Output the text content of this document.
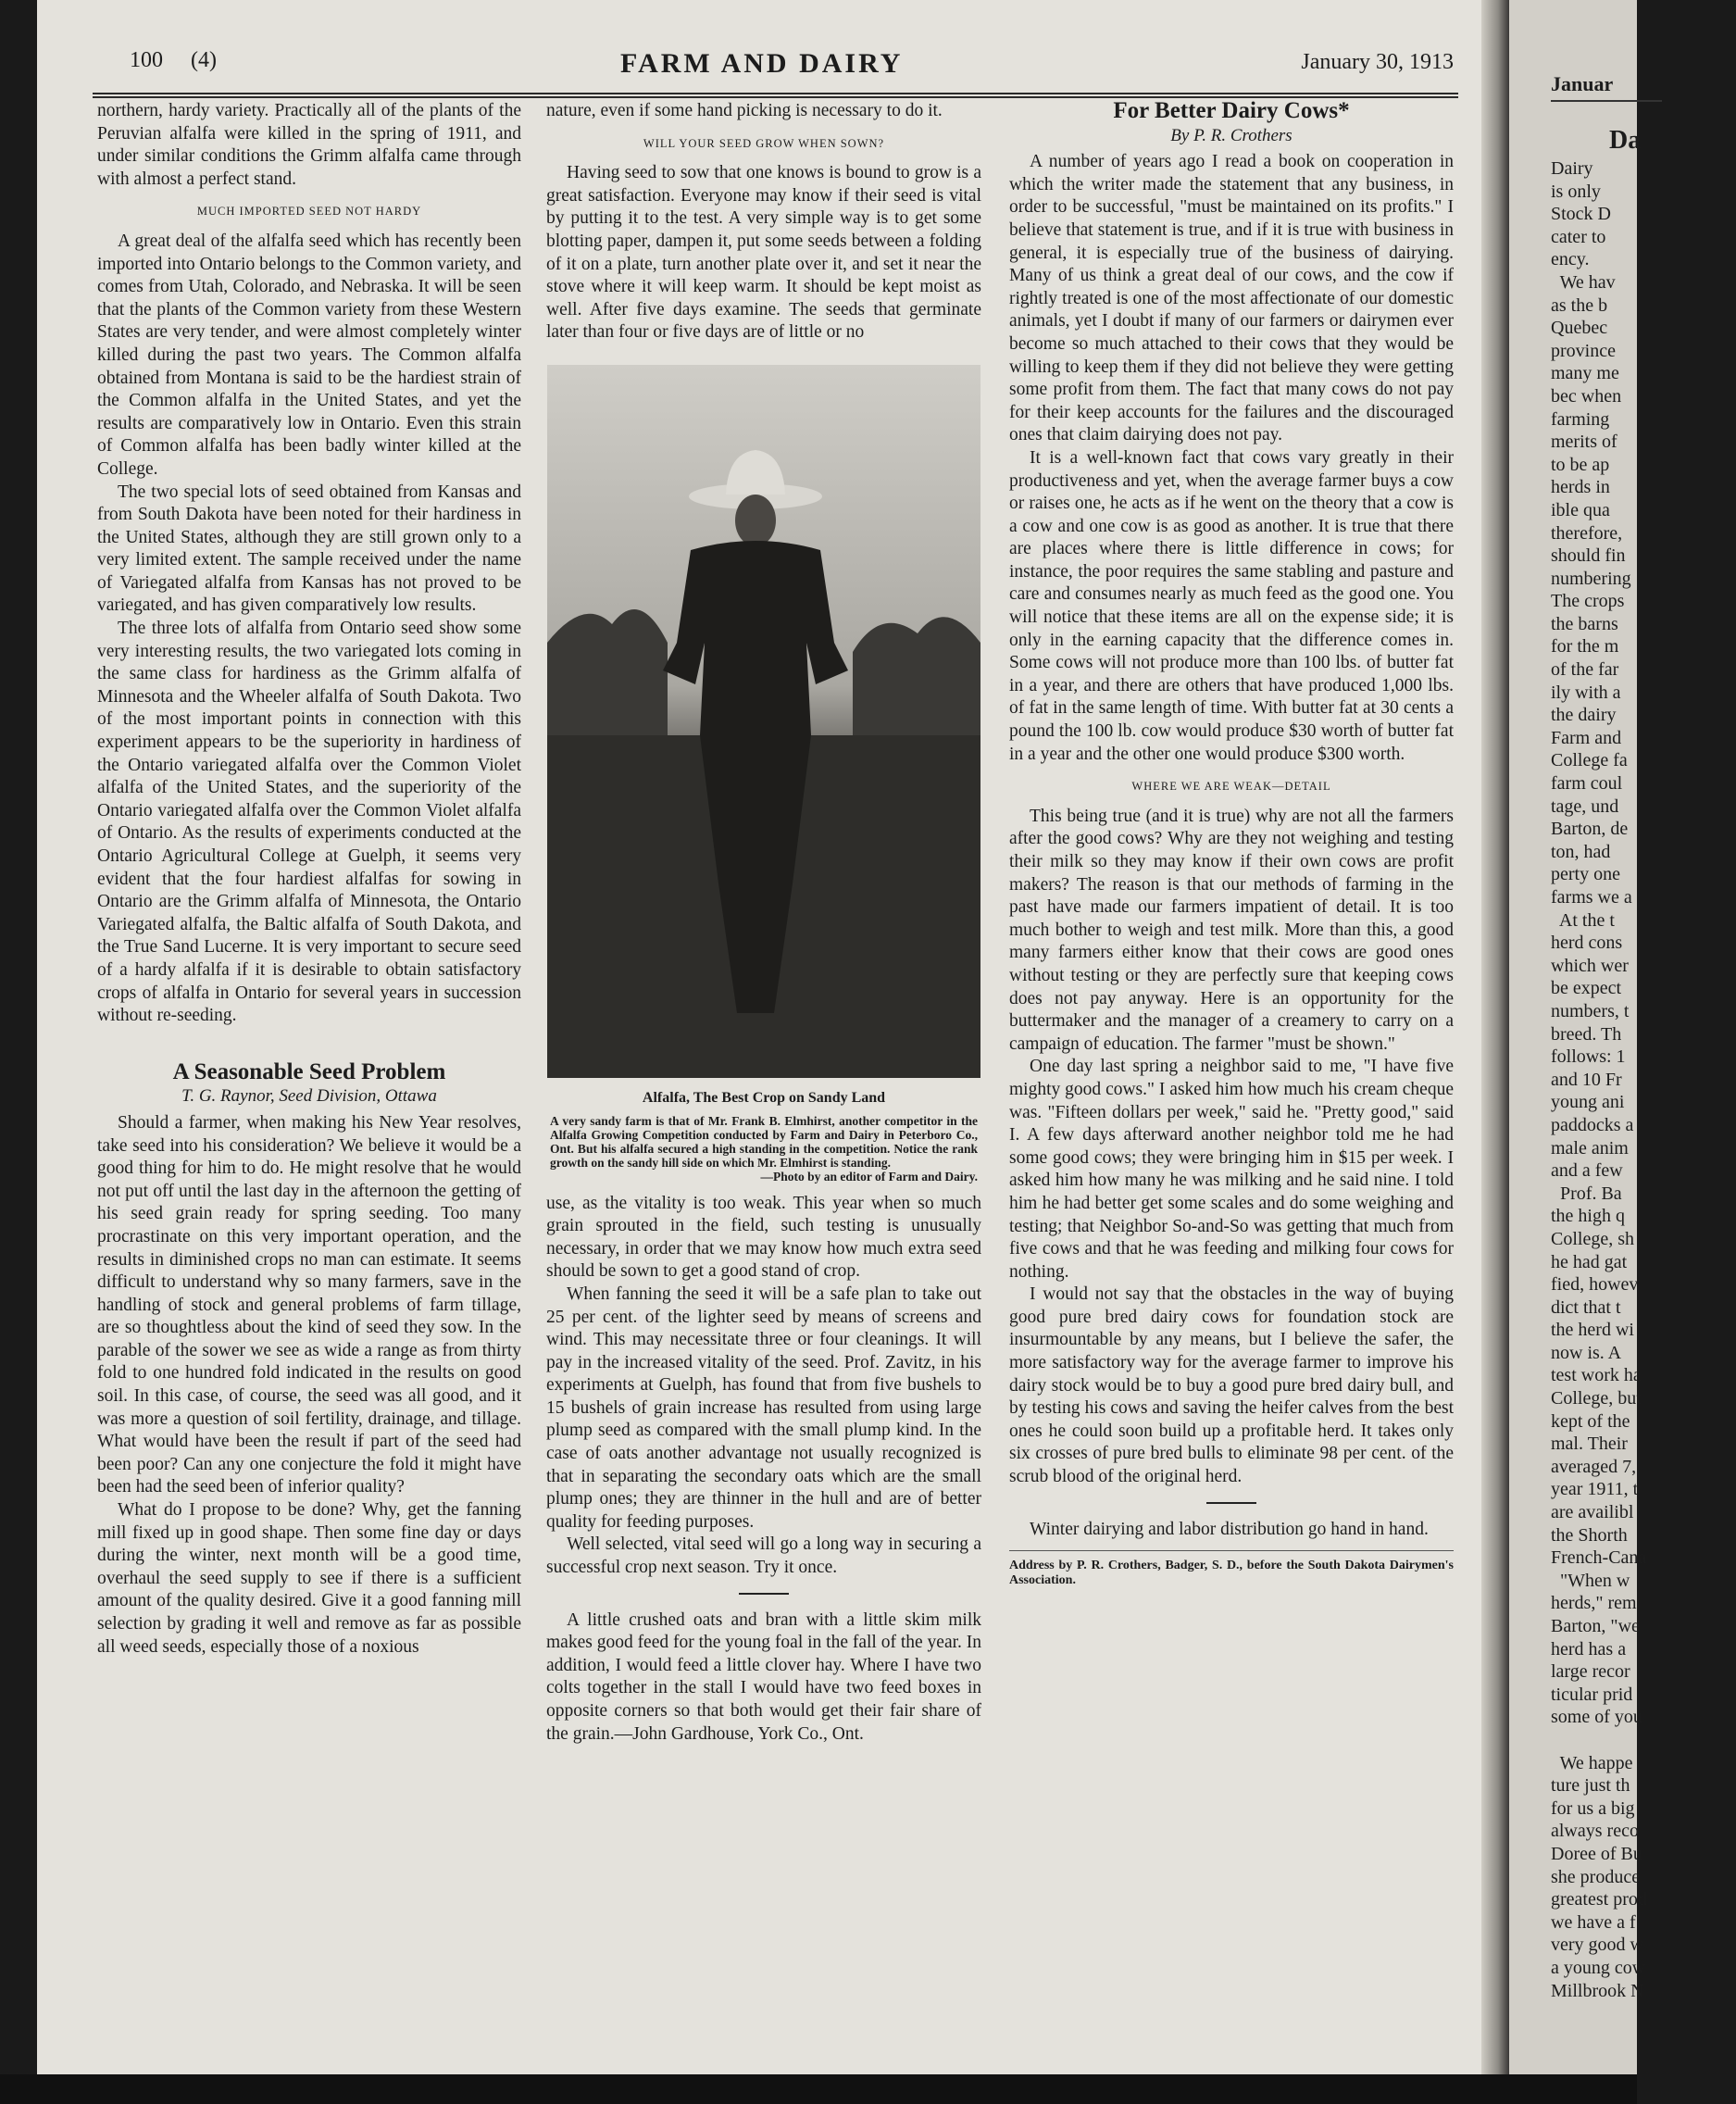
Januar
Da
Dairy
is only
Stock D
cater to
ency.
We hav
as the b
Quebec
province
many me
bec when
farming
merits of
to be ap
herds in
ible qua
therefore,
should fin
numbering
The crops
the barns
for the m
of the far
ily with a
the dairy
Farm and
College fa
farm coul
tage, und
Barton, de
ton, had
perty one
farms we a
At the t
herd cons
which wer
be expect
numbers, t
breed. Th
follows: 1
and 10 Fr
young ani
paddocks a
male anim
and a few
Prof. Ba
the high q
College, sh
he had gat
fied, howev
dict that t
the herd wi
now is. A
test work ha
College, but
kept of the
mal. Their
averaged 7,
year 1911, t
are availibl
the Shorth
French-Cana
"When w
herds," rem
Barton, "we
herd has a
large recor
ticular prid
some of you

We happe
ture just th
for us a big
always reco
Doree of Bu
she produce
greatest prod
we have a f
very good w
a young cow
Millbrook N
100 (4)	FARM AND DAIRY	January 30, 1913

northern, hardy variety. Practically all of the plants of the Peruvian alfalfa were killed in the spring of 1911, and under similar conditions the Grimm alfalfa came through with almost a perfect stand.

MUCH IMPORTED SEED NOT HARDY

A great deal of the alfalfa seed which has recently been imported into Ontario belongs to the Common variety, and comes from Utah, Colorado, and Nebraska. It will be seen that the plants of the Common variety from these Western States are very tender, and were almost completely winter killed during the past two years. The Common alfalfa obtained from Montana is said to be the hardiest strain of the Common alfalfa in the United States, and yet the results are comparatively low in Ontario. Even this strain of Common alfalfa has been badly winter killed at the College.

The two special lots of seed obtained from Kansas and from South Dakota have been noted for their hardiness in the United States, although they are still grown only to a very limited extent. The sample received under the name of Variegated alfalfa from Kansas has not proved to be variegated, and has given comparatively low results.

The three lots of alfalfa from Ontario seed show some very interesting results, the two variegated lots coming in the same class for hardiness as the Grimm alfalfa of Minnesota and the Wheeler alfalfa of South Dakota. Two of the most important points in connection with this experiment appears to be the superiority in hardiness of the Ontario variegated alfalfa over the Common Violet alfalfa of the United States, and the superiority of the Ontario variegated alfalfa over the Common Violet alfalfa of Ontario. As the results of experiments conducted at the Ontario Agricultural College at Guelph, it seems very evident that the four hardiest alfalfas for sowing in Ontario are the Grimm alfalfa of Minnesota, the Ontario Variegated alfalfa, the Baltic alfalfa of South Dakota, and the True Sand Lucerne. It is very important to secure seed of a hardy alfalfa if it is desirable to obtain satisfactory crops of alfalfa in Ontario for several years in succession without re-seeding.

A Seasonable Seed Problem
T. G. Raynor, Seed Division, Ottawa

Should a farmer, when making his New Year resolves, take seed into his consideration? We believe it would be a good thing for him to do. He might resolve that he would not put off until the last day in the afternoon the getting of his seed grain ready for spring seeding. Too many procrastinate on this very important operation, and the results in diminished crops no man can estimate. It seems difficult to understand why so many farmers, save in the handling of stock and general problems of farm tillage, are so thoughtless about the kind of seed they sow. In the parable of the sower we see as wide a range as from thirty fold to one hundred fold indicated in the results on good soil. In this case, of course, the seed was all good, and it was more a question of soil fertility, drainage, and tillage. What would have been the result if part of the seed had been poor? Can any one conjecture the fold it might have been had the seed been of inferior quality?

What do I propose to be done? Why, get the fanning mill fixed up in good shape. Then some fine day or days during the winter, next month will be a good time, overhaul the seed supply to see if there is a sufficient amount of the quality desired. Give it a good fanning mill selection by grading it well and remove as far as possible all weed seeds, especially those of a noxious

nature, even if some hand picking is necessary to do it.

WILL YOUR SEED GROW WHEN SOWN?

Having seed to sow that one knows is bound to grow is a great satisfaction. Everyone may know if their seed is vital by putting it to the test. A very simple way is to get some blotting paper, dampen it, put some seeds between a folding of it on a plate, turn another plate over it, and set it near the stove where it will keep warm. It should be kept moist as well. After five days examine. The seeds that germinate later than four or five days are of little or no

Alfalfa, The Best Crop on Sandy Land
A very sandy farm is that of Mr. Frank B. Elmhirst, another competitor in the Alfalfa Growing Competition conducted by Farm and Dairy in Peterboro Co., Ont. But his alfalfa secured a high standing in the competition. Notice the rank growth on the sandy hill side on which Mr. Elmhirst is standing.
—Photo by an editor of Farm and Dairy.

use, as the vitality is too weak. This year when so much grain sprouted in the field, such testing is unusually necessary, in order that we may know how much extra seed should be sown to get a good stand of crop.

When fanning the seed it will be a safe plan to take out 25 per cent. of the lighter seed by means of screens and wind. This may necessitate three or four cleanings. It will pay in the increased vitality of the seed. Prof. Zavitz, in his experiments at Guelph, has found that from five bushels to 15 bushels of grain increase has resulted from using large plump seed as compared with the small plump kind. In the case of oats another advantage not usually recognized is that in separating the secondary oats which are the small plump ones; they are thinner in the hull and are of better quality for feeding purposes.

Well selected, vital seed will go a long way in securing a successful crop next season. Try it once.

A little crushed oats and bran with a little skim milk makes good feed for the young foal in the fall of the year. In addition, I would feed a little clover hay. Where I have two colts together in the stall I would have two feed boxes in opposite corners so that both would get their fair share of the grain.—John Gardhouse, York Co., Ont.

For Better Dairy Cows*
By P. R. Crothers

A number of years ago I read a book on cooperation in which the writer made the statement that any business, in order to be successful, "must be maintained on its profits." I believe that statement is true, and if it is true with business in general, it is especially true of the business of dairying. Many of us think a great deal of our cows, and the cow if rightly treated is one of the most affectionate of our domestic animals, yet I doubt if many of our farmers or dairymen ever become so much attached to their cows that they would be willing to keep them if they did not believe they were getting some profit from them. The fact that many cows do not pay for their keep accounts for the failures and the discouraged ones that claim dairying does not pay.

It is a well-known fact that cows vary greatly in their productiveness and yet, when the average farmer buys a cow or raises one, he acts as if he went on the theory that a cow is a cow and one cow is as good as another. It is true that there are places where there is little difference in cows; for instance, the poor requires the same stabling and pasture and care and consumes nearly as much feed as the good one. You will notice that these items are all on the expense side; it is only in the earning capacity that the difference comes in. Some cows will not produce more than 100 lbs. of butter fat in a year, and there are others that have produced 1,000 lbs. of fat in the same length of time. With butter fat at 30 cents a pound the 100 lb. cow would produce $30 worth of butter fat in a year and the other one would produce $300 worth.

WHERE WE ARE WEAK—DETAIL

This being true (and it is true) why are not all the farmers after the good cows? Why are they not weighing and testing their milk so they may know if their own cows are profit makers? The reason is that our methods of farming in the past have made our farmers impatient of detail. It is too much bother to weigh and test milk. More than this, a good many farmers either know that their cows are good ones without testing or they are perfectly sure that keeping cows does not pay anyway. Here is an opportunity for the buttermaker and the manager of a creamery to carry on a campaign of education. The farmer "must be shown."

One day last spring a neighbor said to me, "I have five mighty good cows." I asked him how much his cream cheque was. "Fifteen dollars per week," said he. "Pretty good," said I. A few days afterward another neighbor told me he had some good cows; they were bringing him in $15 per week. I asked him how many he was milking and he said nine. I told him he had better get some scales and do some weighing and testing; that Neighbor So-and-So was getting that much from five cows and that he was feeding and milking four cows for nothing.

I would not say that the obstacles in the way of buying good pure bred dairy cows for foundation stock are insurmountable by any means, but I believe the safer, the more satisfactory way for the average farmer to improve his dairy stock would be to buy a good pure bred dairy bull, and by testing his cows and saving the heifer calves from the best ones he could soon build up a profitable herd. It takes only six crosses of pure bred bulls to eliminate 98 per cent. of the scrub blood of the original herd.

Winter dairying and labor distribution go hand in hand.

Address by P. R. Crothers, Badger, S. D., before the South Dakota Dairymen's Association.
